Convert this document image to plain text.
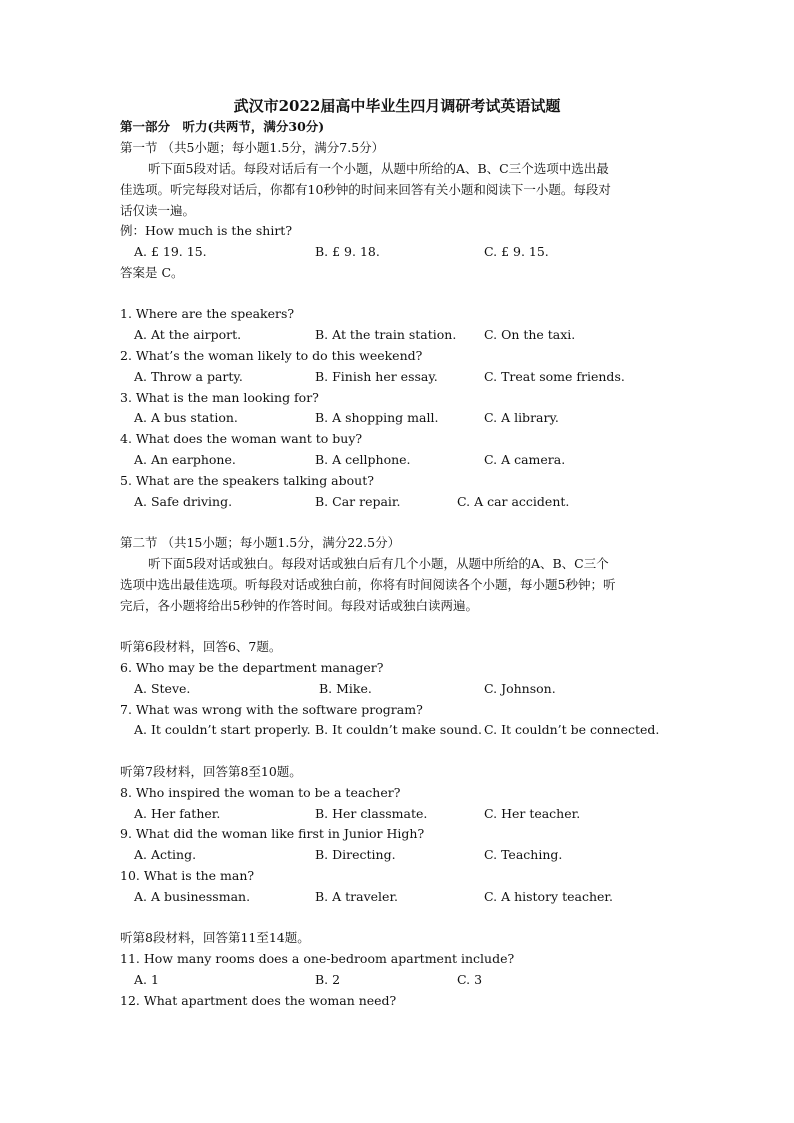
武汉市2022届高中毕业生四月调研考试英语试题
第一部分　听力(共两节，满分30分)
第一节 （共5小题；每小题1.5分，满分7.5分）
听下面5段对话。每段对话后有一个小题，从题中所给的A、B、C三个选项中选出最
佳选项。听完每段对话后，你都有10秒钟的时间来回答有关小题和阅读下一小题。每段对
话仅读一遍。
例：How much is the shirt?
A. £ 19. 15.	B. £ 9. 18.	C. £ 9. 15.
答案是 C。
1. Where are the speakers?
A. At the airport.	B. At the train station. C. On the taxi.
2. What’s the woman likely to do this weekend?
A. Throw a party.	B. Finish her essay.	C. Treat some friends.
3. What is the man looking for?
A. A bus station.	B. A shopping mall.	C. A library.
4. What does the woman want to buy?
A. An earphone.	B. A cellphone.	C. A camera.
5. What are the speakers talking about?
A. Safe driving.	B. Car repair.	C. A car accident.
第二节 （共15小题；每小题1.5分，满分22.5分）
听下面5段对话或独白。每段对话或独白后有几个小题，从题中所给的A、B、C三个
选项中选出最佳选项。听每段对话或独白前，你将有时间阅读各个小题，每小题5秒钟；听
完后，各小题将给出5秒钟的作答时间。每段对话或独白读两遍。
听第6段材料，回答6、7题。
6. Who may be the department manager?
A. Steve.	B. Mike.	C. Johnson.
7. What was wrong with the software program?
A. It couldn’t start properly. B. It couldn’t make sound. C. It couldn’t be connected.
听第7段材料，回答第8至10题。
8. Who inspired the woman to be a teacher?
A. Her father.	B. Her classmate.	C. Her teacher.
9. What did the woman like first in Junior High?
A. Acting.	B. Directing.	C. Teaching.
10. What is the man?
A. A businessman.	B. A traveler.	C. A history teacher.
听第8段材料，回答第11至14题。
11. How many rooms does a one-bedroom apartment include?
A. 1	B. 2	C. 3
12. What apartment does the woman need?
